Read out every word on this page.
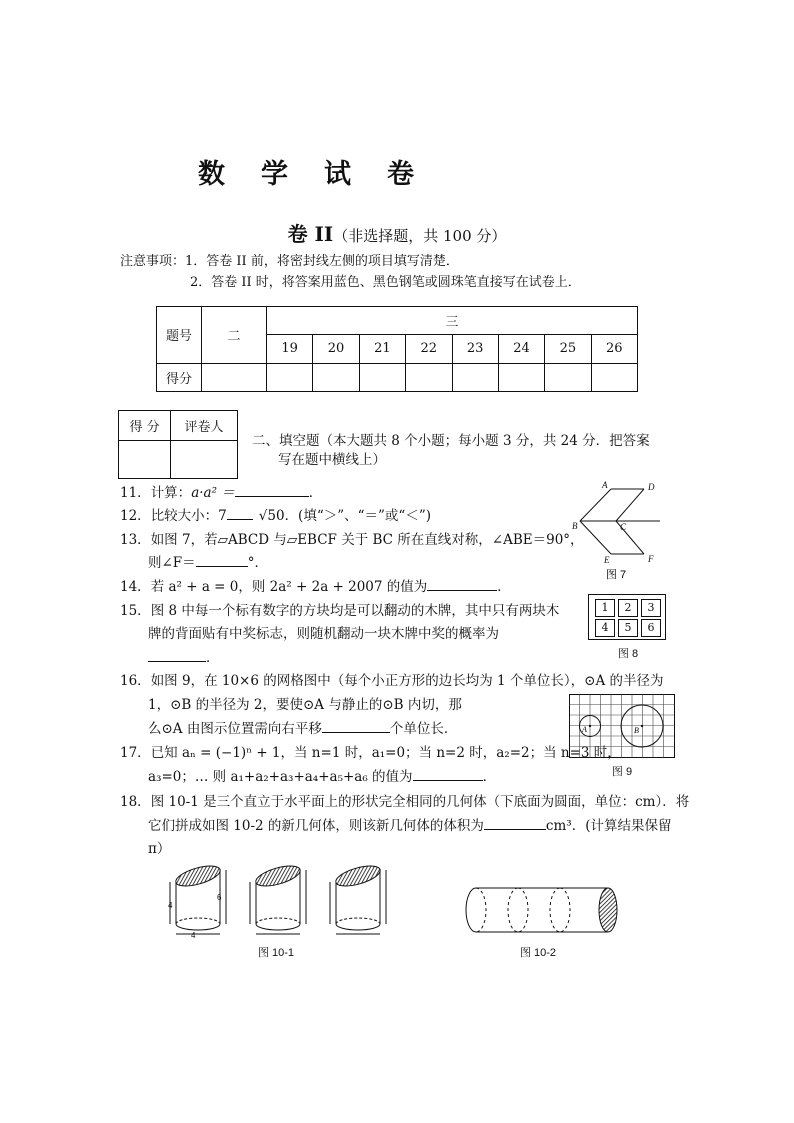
数 学 试 卷
卷 II（非选择题，共 100 分）
注意事项：1．答卷 II 前，将密封线左侧的项目填写清楚．
2．答卷 II 时，将答案用蓝色、黑色钢笔或圆珠笔直接写在试卷上．
题号	二	三							
		19	20	21	22	23	24	25	26
得分									
得 分	评卷人

二、填空题（本大题共 8 个小题；每小题 3 分，共 24 分．把答案
写在题中横线上）
11．计算：a·a² ＝	．
12．比较大小：7 √50．(填“＞”、“＝”或“＜”)
13．如图 7，若▱ABCD 与▱EBCF 关于 BC 所在直线对称，∠ABE＝90°，
则∠F＝	°．
A	D
B	C
E	F
图 7
14．若 a² + a = 0，则 2a² + 2a + 2007 的值为	．
15．图 8 中每一个标有数字的方块均是可以翻动的木牌，其中只有两块木
牌的背面贴有中奖标志，则随机翻动一块木牌中奖的概率为
．
1	2	3
4	5	6
图 8
16．如图 9，在 10×6 的网格图中（每个小正方形的边长均为 1 个单位长），⊙A 的半径为
1，⊙B 的半径为 2，要使⊙A 与静止的⊙B 内切，那
么⊙A 由图示位置需向右平移	个单位长．	A	B
图 9
17．已知 aₙ = (−1)ⁿ + 1，当 n=1 时，a₁=0；当 n=2 时，a₂=2；当 n=3 时，
a₃=0；… 则 a₁+a₂+a₃+a₄+a₅+a₆ 的值为	．
18．图 10-1 是三个直立于水平面上的形状完全相同的几何体（下底面为圆面，单位：cm）．将
它们拼成如图 10-2 的新几何体，则该新几何体的体积为	cm³．(计算结果保留
π）
4
6
4
图 10-1	图 10-2
